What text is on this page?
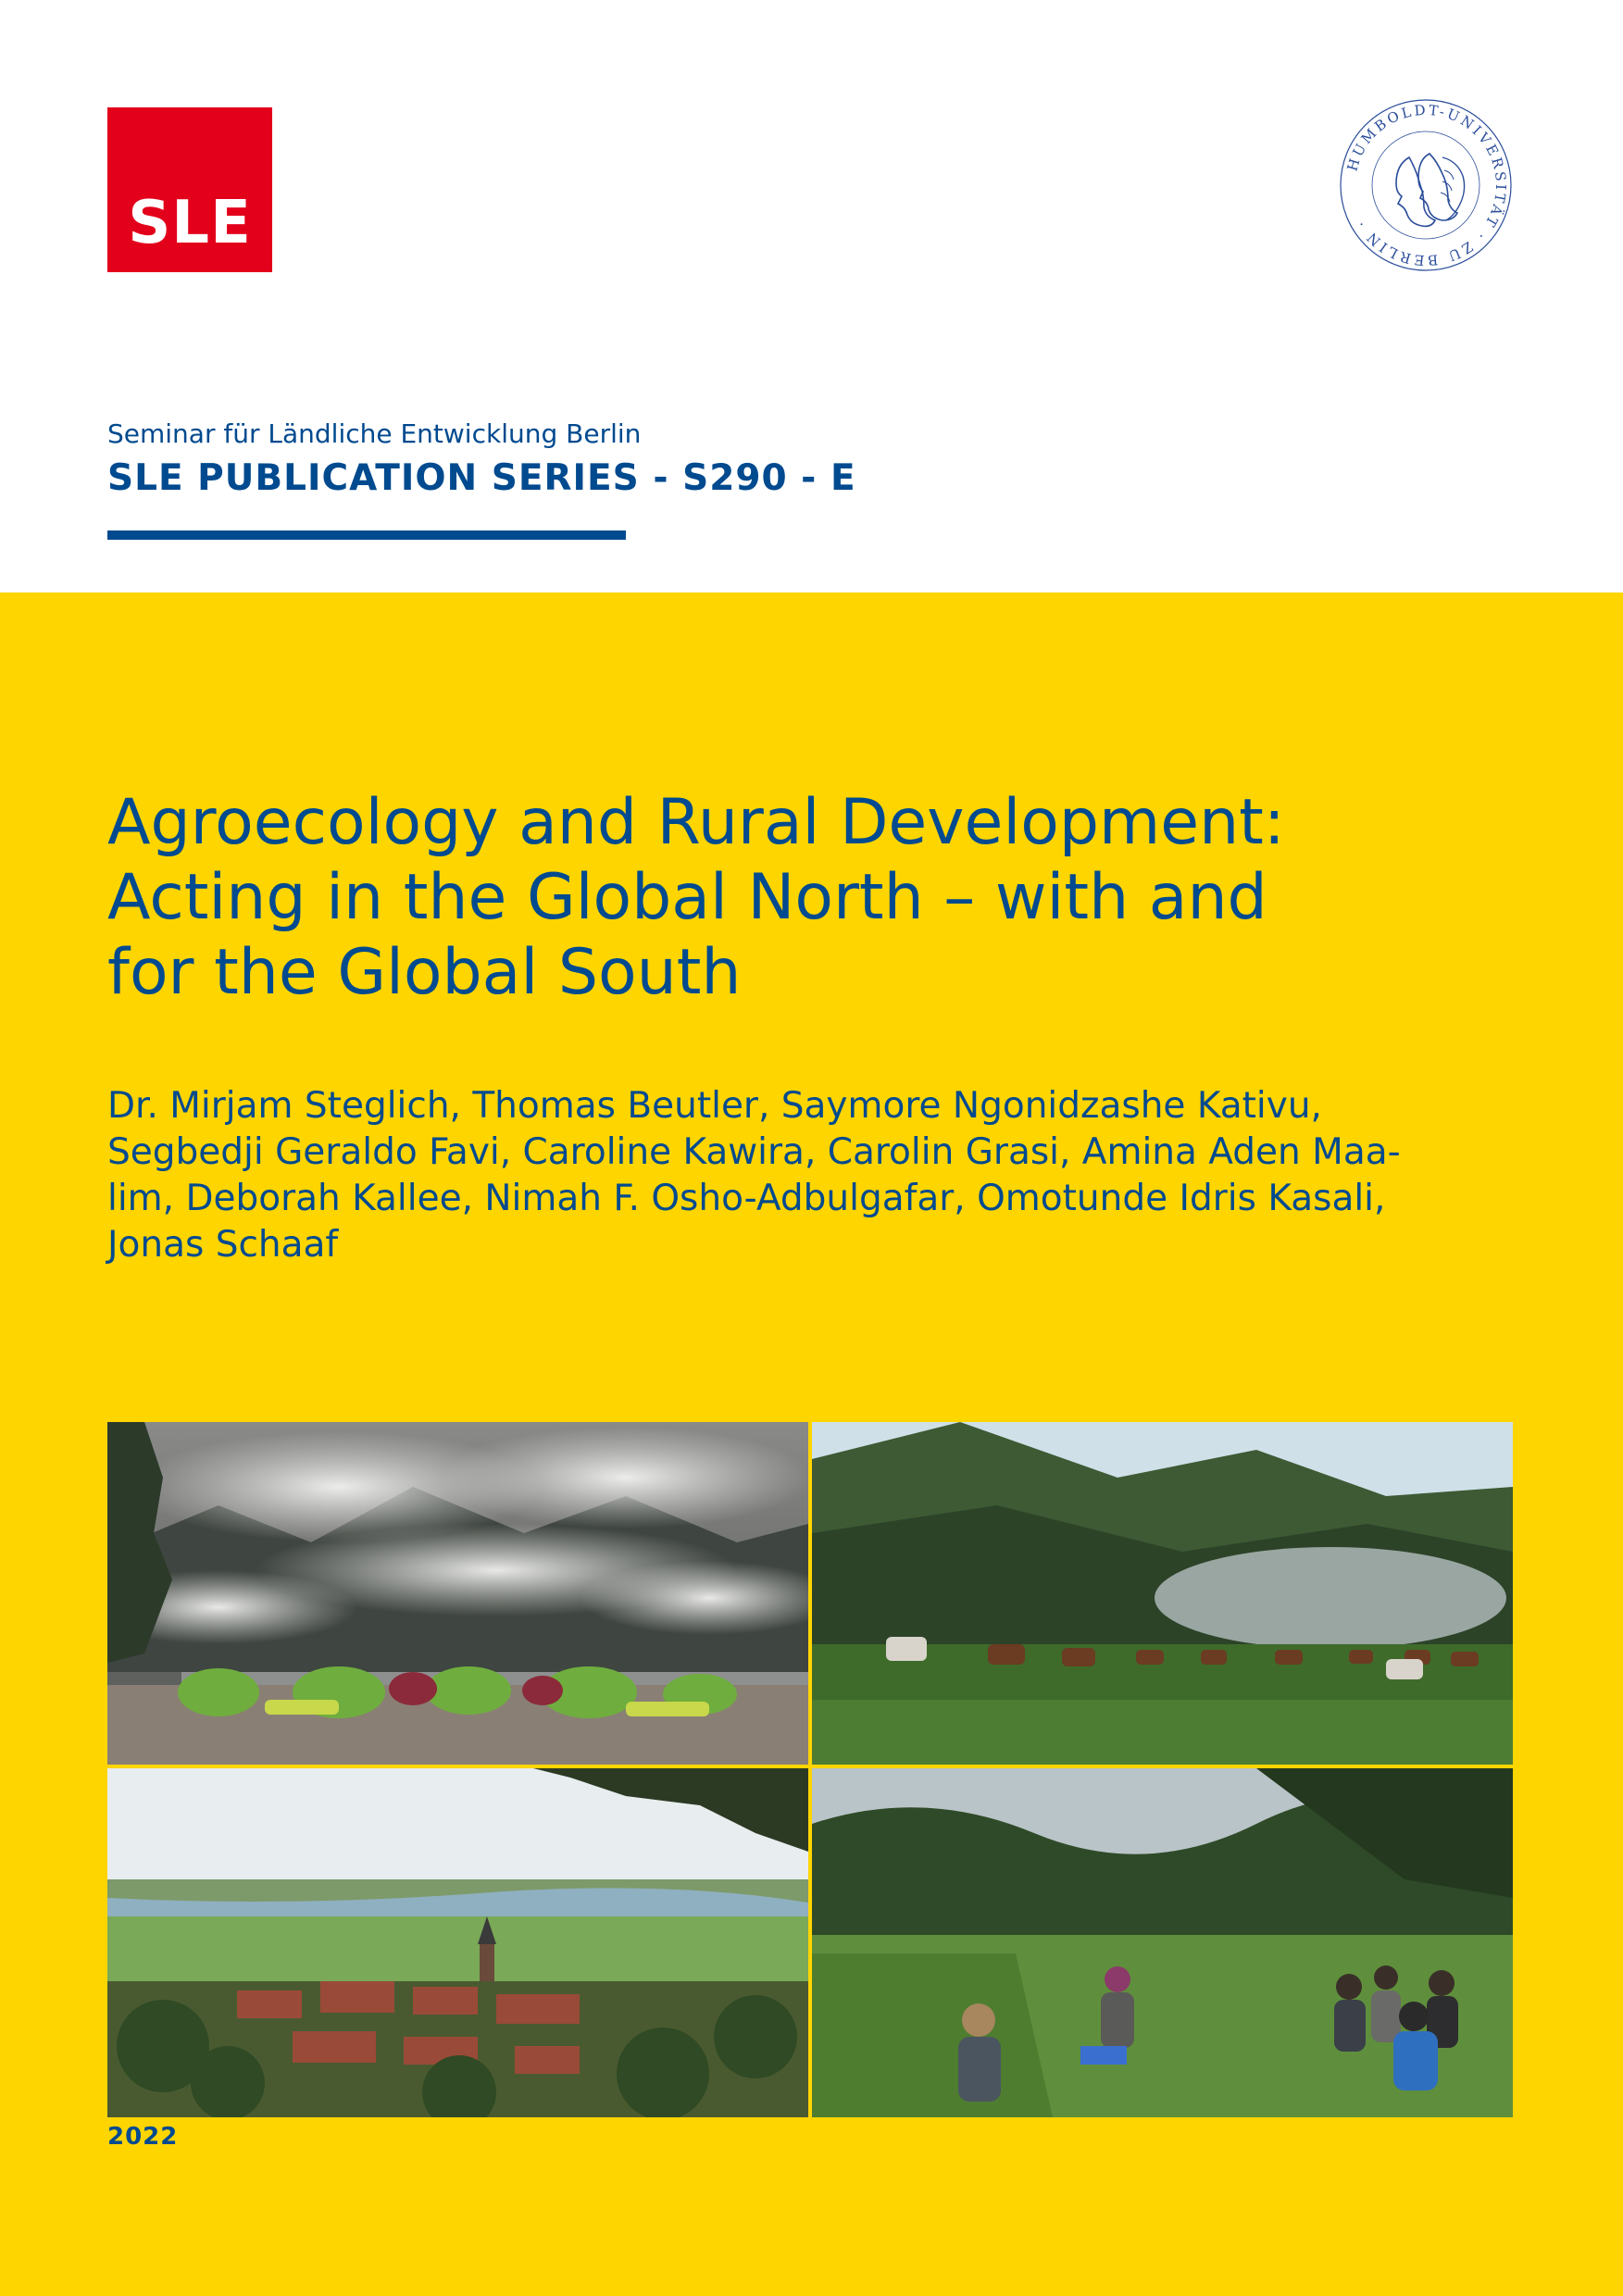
SLE
HUMBOLDT-UNIVERSITÄT · ZU BERLIN ·
Seminar für Ländliche Entwicklung Berlin
SLE PUBLICATION SERIES - S290 - E
Agroecology and Rural Development:
Acting in the Global North – with and
for the Global South
Dr. Mirjam Steglich, Thomas Beutler, Saymore Ngonidzashe Kativu,
Segbedji Geraldo Favi, Caroline Kawira, Carolin Grasi, Amina Aden Maa-
lim, Deborah Kallee, Nimah F. Osho-Adbulgafar, Omotunde Idris Kasali,
Jonas Schaaf
2022
